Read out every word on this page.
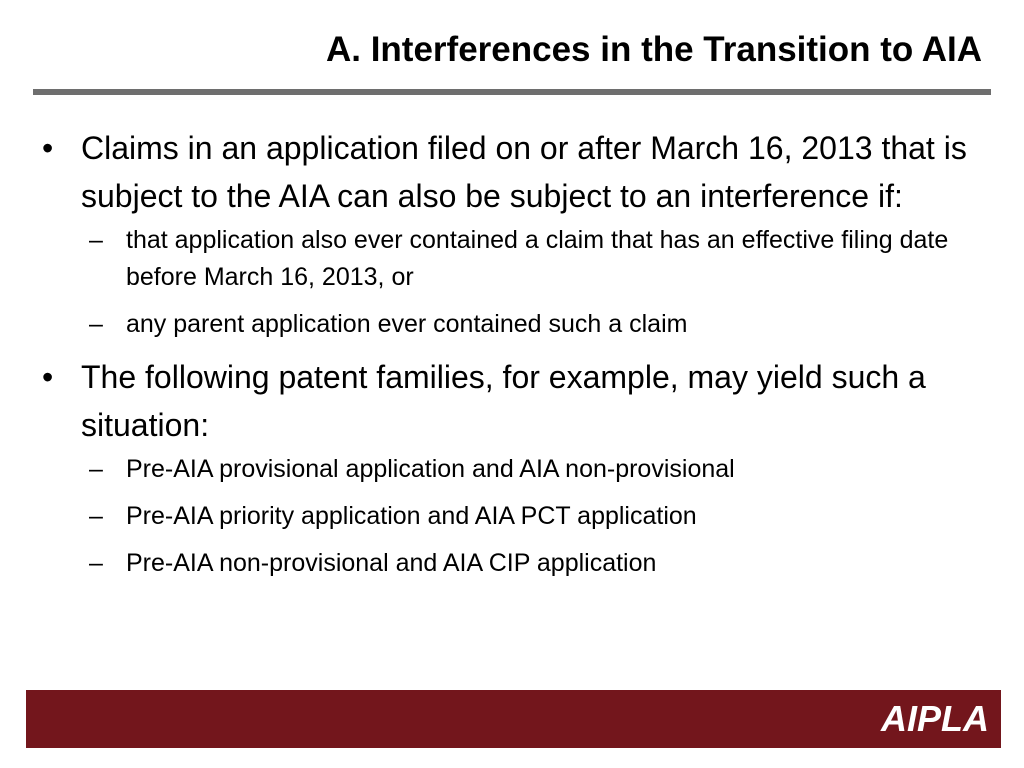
A. Interferences in the Transition to AIA
• Claims in an application filed on or after March 16, 2013 that is subject to the AIA can also be subject to an interference if:
– that application also ever contained a claim that has an effective filing date before March 16, 2013, or
– any parent application ever contained such a claim
• The following patent families, for example, may yield such a situation:
– Pre-AIA provisional application and AIA non-provisional
– Pre-AIA priority application and AIA PCT application
– Pre-AIA non-provisional and AIA CIP application
AIPLA
